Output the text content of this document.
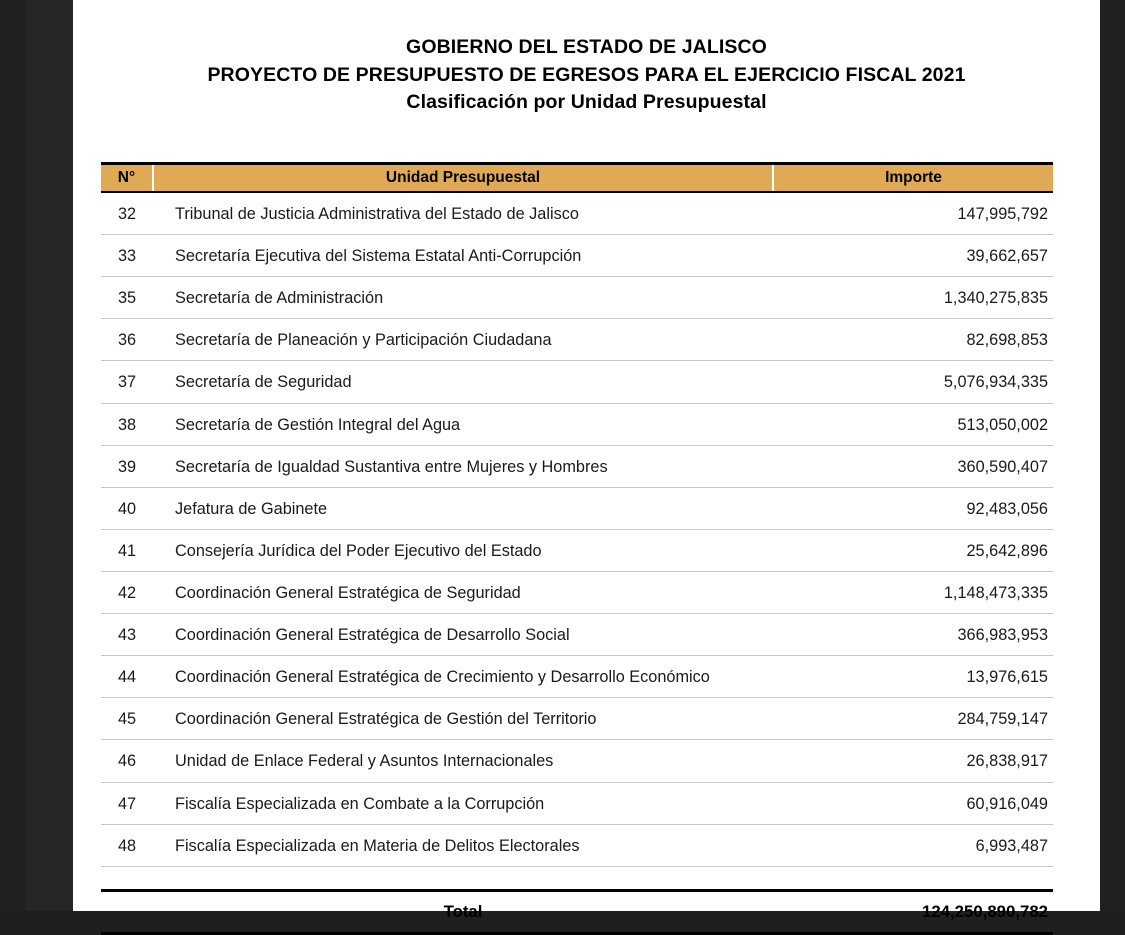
GOBIERNO DEL ESTADO DE JALISCO
PROYECTO DE PRESUPUESTO DE EGRESOS PARA EL EJERCICIO FISCAL 2021
Clasificación por Unidad Presupuestal

N°	Unidad Presupuestal	Importe
32	Tribunal de Justicia Administrativa del Estado de Jalisco	147,995,792
33	Secretaría Ejecutiva del Sistema Estatal Anti-Corrupción	39,662,657
35	Secretaría de Administración	1,340,275,835
36	Secretaría de Planeación y Participación Ciudadana	82,698,853
37	Secretaría de Seguridad	5,076,934,335
38	Secretaría de Gestión Integral del Agua	513,050,002
39	Secretaría de Igualdad Sustantiva entre Mujeres y Hombres	360,590,407
40	Jefatura de Gabinete	92,483,056
41	Consejería Jurídica del Poder Ejecutivo del Estado	25,642,896
42	Coordinación General Estratégica de Seguridad	1,148,473,335
43	Coordinación General Estratégica de Desarrollo Social	366,983,953
44	Coordinación General Estratégica de Crecimiento y Desarrollo Económico	13,976,615
45	Coordinación General Estratégica de Gestión del Territorio	284,759,147
46	Unidad de Enlace Federal y Asuntos Internacionales	26,838,917
47	Fiscalía Especializada en Combate a la Corrupción	60,916,049
48	Fiscalía Especializada en Materia de Delitos Electorales	6,993,487

	Total	124,250,890,782
